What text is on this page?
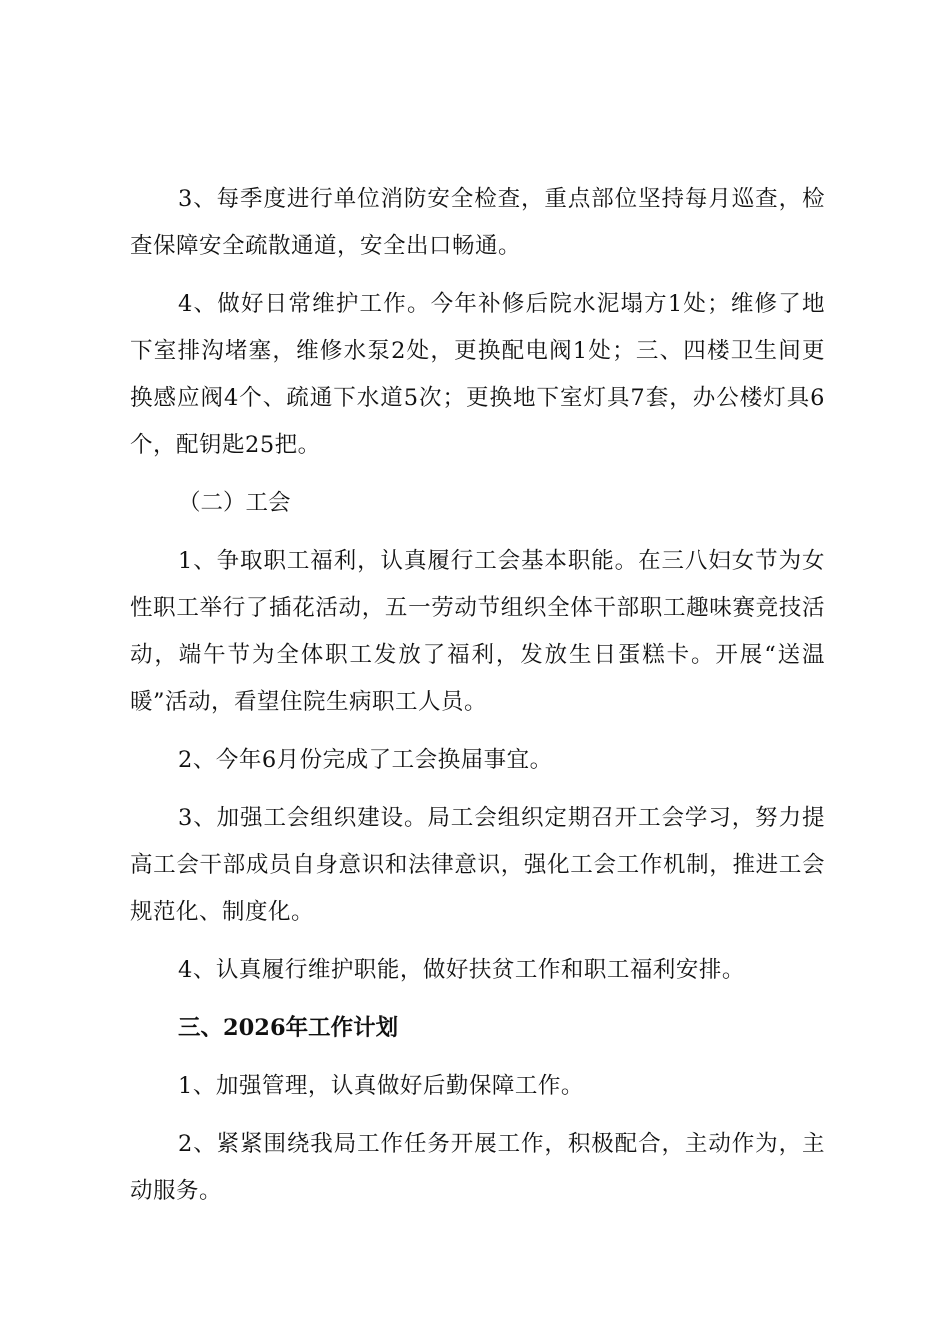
3、每季度进行单位消防安全检查，重点部位坚持每月巡查，检查保障安全疏散通道，安全出口畅通。

4、做好日常维护工作。今年补修后院水泥塌方1处；维修了地下室排沟堵塞，维修水泵2处，更换配电阀1处；三、四楼卫生间更换感应阀4个、疏通下水道5次；更换地下室灯具7套，办公楼灯具6个，配钥匙25把。

（二）工会

1、争取职工福利，认真履行工会基本职能。在三八妇女节为女性职工举行了插花活动，五一劳动节组织全体干部职工趣味赛竞技活动，端午节为全体职工发放了福利，发放生日蛋糕卡。开展“送温暖”活动，看望住院生病职工人员。

2、今年6月份完成了工会换届事宜。

3、加强工会组织建设。局工会组织定期召开工会学习，努力提高工会干部成员自身意识和法律意识，强化工会工作机制，推进工会规范化、制度化。

4、认真履行维护职能，做好扶贫工作和职工福利安排。

三、2026年工作计划

1、加强管理，认真做好后勤保障工作。

2、紧紧围绕我局工作任务开展工作，积极配合，主动作为，主动服务。
